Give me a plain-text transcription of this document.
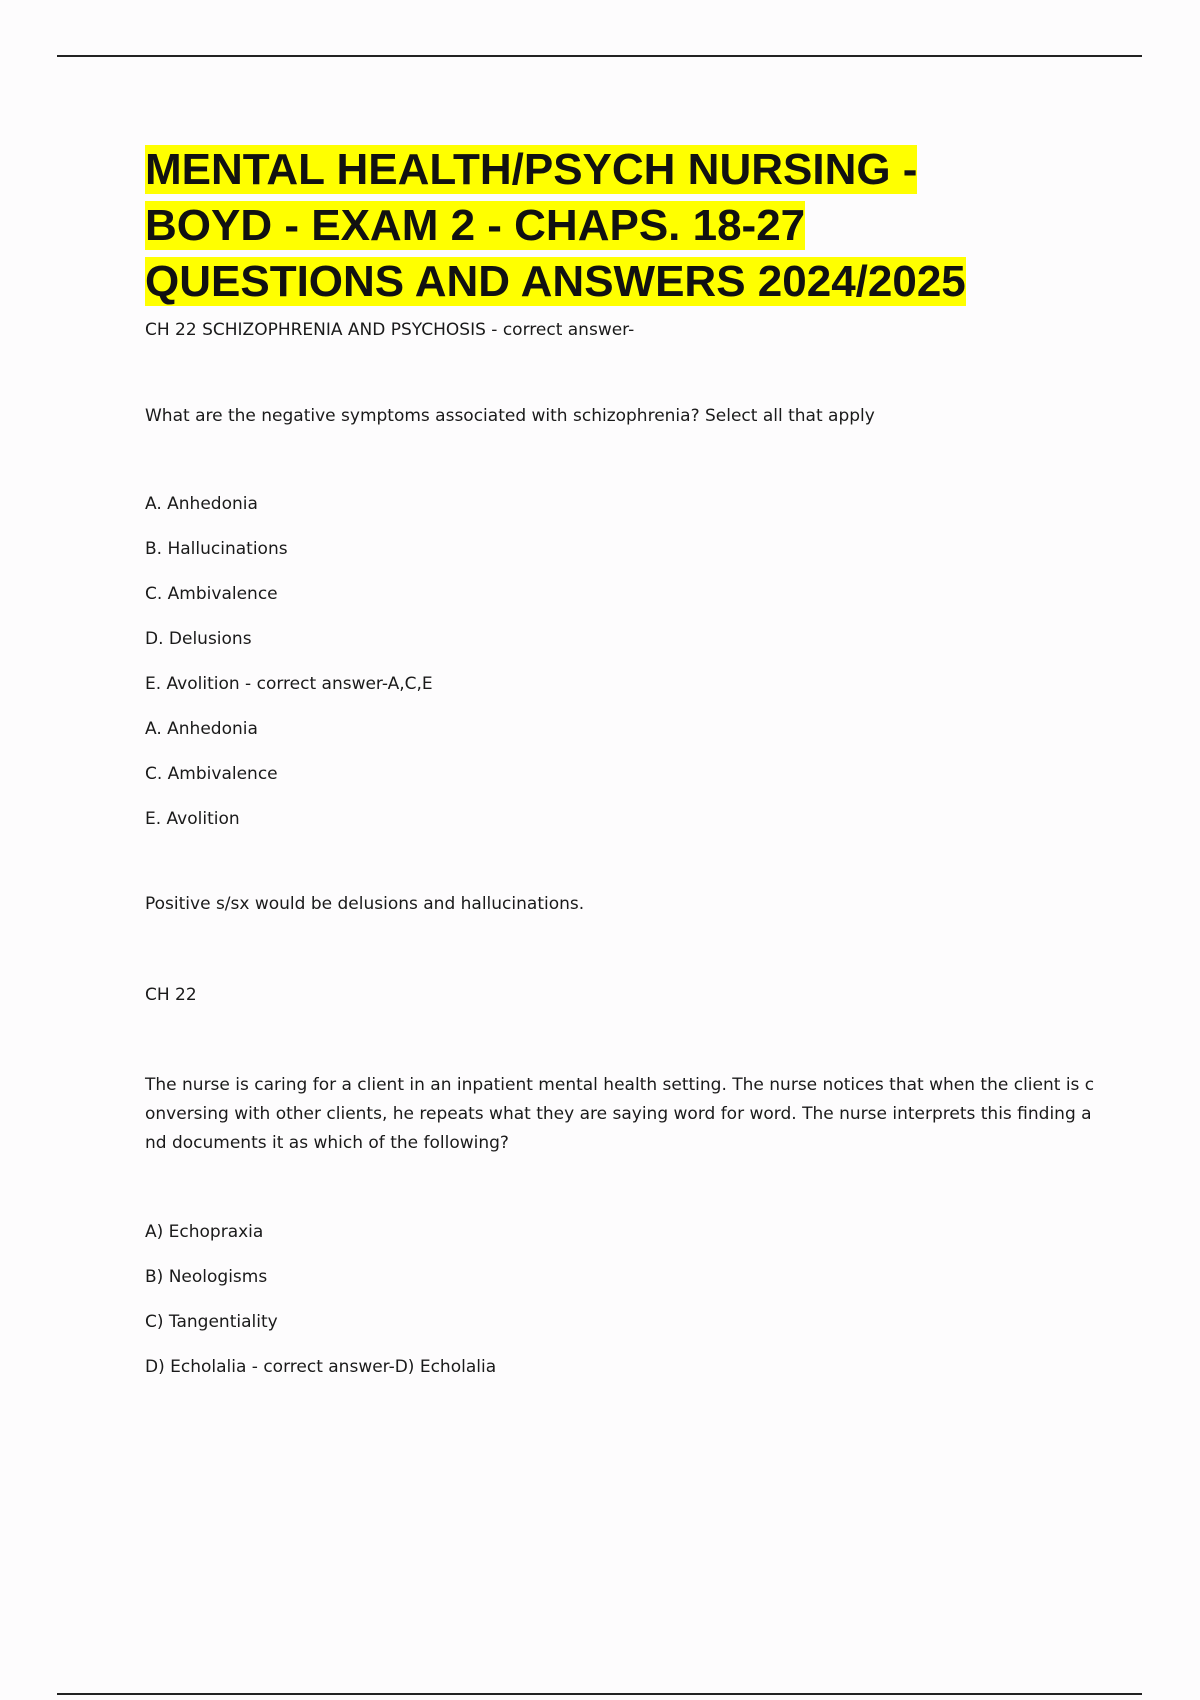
MENTAL HEALTH/PSYCH NURSING -
BOYD - EXAM 2 - CHAPS. 18-27
QUESTIONS AND ANSWERS 2024/2025
CH 22 SCHIZOPHRENIA AND PSYCHOSIS - correct answer-
What are the negative symptoms associated with schizophrenia? Select all that apply
A. Anhedonia
B. Hallucinations
C. Ambivalence
D. Delusions
E. Avolition - correct answer-A,C,E
A. Anhedonia
C. Ambivalence
E. Avolition
Positive s/sx would be delusions and hallucinations.
CH 22
The nurse is caring for a client in an inpatient mental health setting. The nurse notices that when the client is conversing with other clients, he repeats what they are saying word for word. The nurse interprets this finding and documents it as which of the following?
A) Echopraxia
B) Neologisms
C) Tangentiality
D) Echolalia - correct answer-D) Echolalia
